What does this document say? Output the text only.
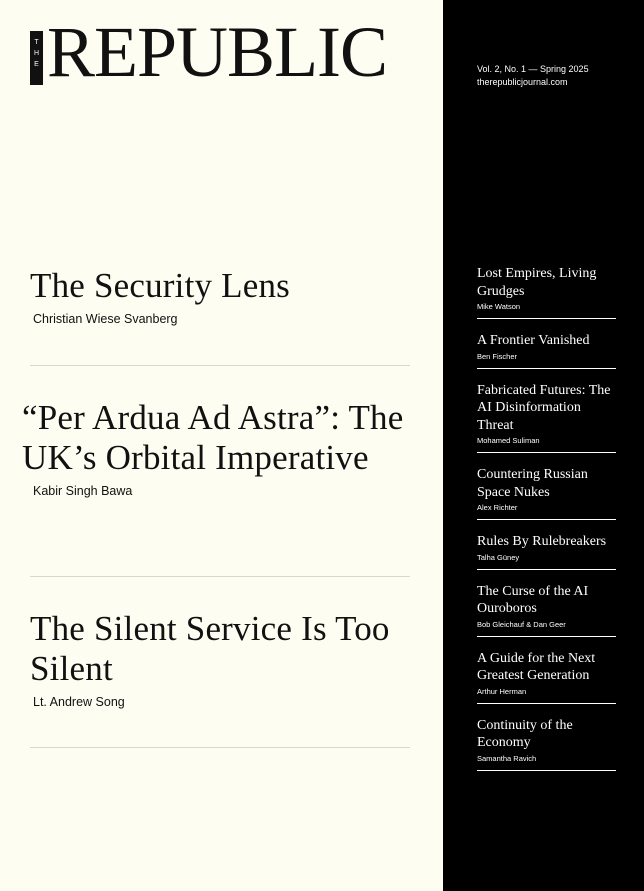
T
H
E REPUBLIC
The Security Lens
Christian Wiese Svanberg
“Per Ardua Ad Astra”: The UK’s Orbital Imperative
Kabir Singh Bawa
The Silent Service Is Too Silent
Lt. Andrew Song
Vol. 2, No. 1 — Spring 2025
therepublicjournal.com
Lost Empires, Living Grudges
Mike Watson
A Frontier Vanished
Ben Fischer
Fabricated Futures: The AI Disinformation Threat
Mohamed Suliman
Countering Russian Space Nukes
Alex Richter
Rules By Rulebreakers
Talha Güney
The Curse of the AI Ouroboros
Bob Gleichauf & Dan Geer
A Guide for the Next Greatest Generation
Arthur Herman
Continuity of the Economy
Samantha Ravich
